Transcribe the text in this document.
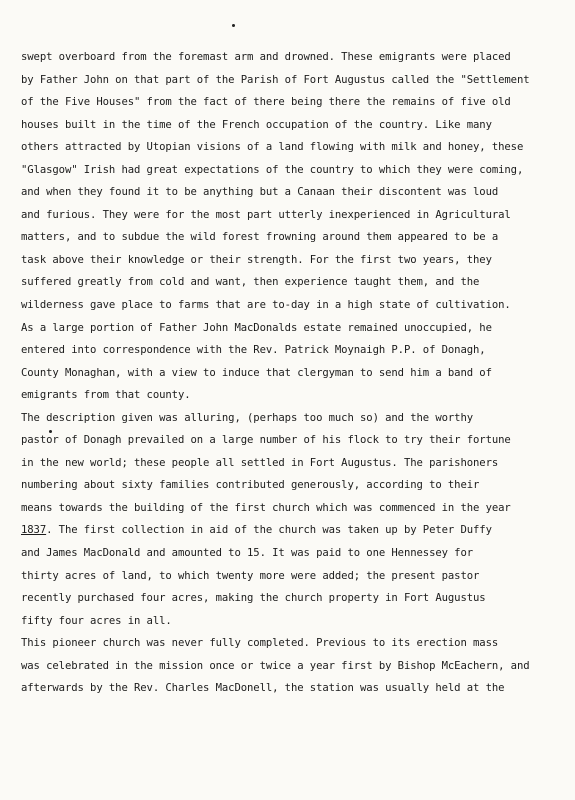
swept overboard from the foremast arm and drowned. These emigrants were placed
by Father John on that part of the Parish of Fort Augustus called the "Settlement
of the Five Houses" from the fact of there being there the remains of five old
houses built in the time of the French occupation of the country. Like many
others attracted by Utopian visions of a land flowing with milk and honey, these
"Glasgow" Irish had great expectations of the country to which they were coming,
and when they found it to be anything but a Canaan their discontent was loud
and furious. They were for the most part utterly inexperienced in Agricultural
matters, and to subdue the wild forest frowning around them appeared to be a
task above their knowledge or their strength. For the first two years, they
suffered greatly from cold and want, then experience taught them, and the
wilderness gave place to farms that are to-day in a high state of cultivation.
As a large portion of Father John MacDonalds estate remained unoccupied, he
entered into correspondence with the Rev. Patrick Moynaigh P.P. of Donagh,
County Monaghan, with a view to induce that clergyman to send him a band of
emigrants from that county.
The description given was alluring, (perhaps too much so) and the worthy
pastor of Donagh prevailed on a large number of his flock to try their fortune
in the new world; these people all settled in Fort Augustus. The parishoners
numbering about sixty families contributed generously, according to their
means towards the building of the first church which was commenced in the year
1837. The first collection in aid of the church was taken up by Peter Duffy
and James MacDonald and amounted to 15. It was paid to one Hennessey for
thirty acres of land, to which twenty more were added; the present pastor
recently purchased four acres, making the church property in Fort Augustus
fifty four acres in all.
This pioneer church was never fully completed. Previous to its erection mass
was celebrated in the mission once or twice a year first by Bishop McEachern, and
afterwards by the Rev. Charles MacDonell, the station was usually held at the
